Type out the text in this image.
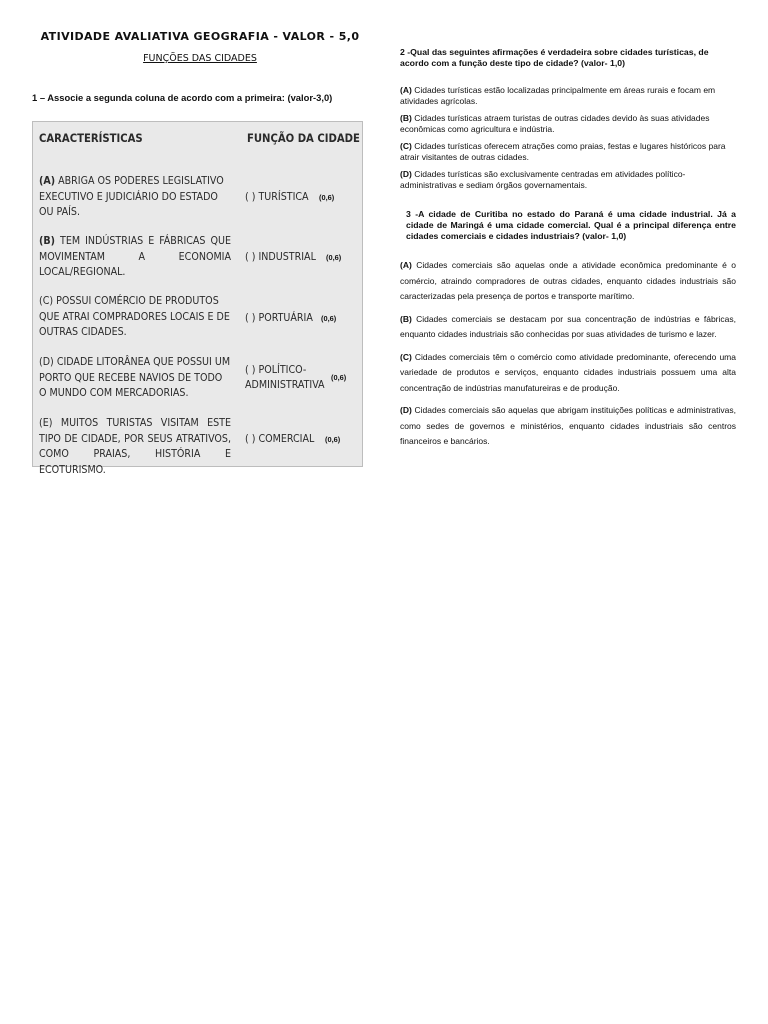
ATIVIDADE AVALIATIVA GEOGRAFIA - VALOR - 5,0
FUNÇÕES DAS CIDADES
1 – Associe a segunda coluna de acordo com a primeira: (valor-3,0)
CARACTERÍSTICAS	FUNÇÃO DA CIDADE
(A) ABRIGA OS PODERES LEGISLATIVO EXECUTIVO E JUDICIÁRIO DO ESTADO OU PAÍS.
( ) TURÍSTICA (0,6)
(B) TEM INDÚSTRIAS E FÁBRICAS QUE MOVIMENTAM A ECONOMIA LOCAL/REGIONAL.
( ) INDUSTRIAL (0,6)
(C) POSSUI COMÉRCIO DE PRODUTOS QUE ATRAI COMPRADORES LOCAIS E DE OUTRAS CIDADES.
( ) PORTUÁRIA (0,6)
(D) CIDADE LITORÂNEA QUE POSSUI UM PORTO QUE RECEBE NAVIOS DE TODO O MUNDO COM MERCADORIAS.
( ) POLÍTICO-
ADMINISTRATIVA
(0,6)
(E) MUITOS TURISTAS VISITAM ESTE TIPO DE CIDADE, POR SEUS ATRATIVOS, COMO PRAIAS, HISTÓRIA E ECOTURISMO.
( ) COMERCIAL (0,6)
2 -Qual das seguintes afirmações é verdadeira sobre cidades turísticas, de acordo com a função deste tipo de cidade? (valor- 1,0)
(A) Cidades turísticas estão localizadas principalmente em áreas rurais e focam em atividades agrícolas.
(B) Cidades turísticas atraem turistas de outras cidades devido às suas atividades econômicas como agricultura e indústria.
(C) Cidades turísticas oferecem atrações como praias, festas e lugares históricos para atrair visitantes de outras cidades.
(D) Cidades turísticas são exclusivamente centradas em atividades político-administrativas e sediam órgãos governamentais.
3 -A cidade de Curitiba no estado do Paraná é uma cidade industrial. Já a cidade de Maringá é uma cidade comercial. Qual é a principal diferença entre cidades comerciais e cidades industriais? (valor- 1,0)
(A) Cidades comerciais são aquelas onde a atividade econômica predominante é o comércio, atraindo compradores de outras cidades, enquanto cidades industriais são caracterizadas pela presença de portos e transporte marítimo.
(B) Cidades comerciais se destacam por sua concentração de indústrias e fábricas, enquanto cidades industriais são conhecidas por suas atividades de turismo e lazer.
(C) Cidades comerciais têm o comércio como atividade predominante, oferecendo uma variedade de produtos e serviços, enquanto cidades industriais possuem uma alta concentração de indústrias manufatureiras e de produção.
(D) Cidades comerciais são aquelas que abrigam instituições políticas e administrativas, como sedes de governos e ministérios, enquanto cidades industriais são centros financeiros e bancários.
